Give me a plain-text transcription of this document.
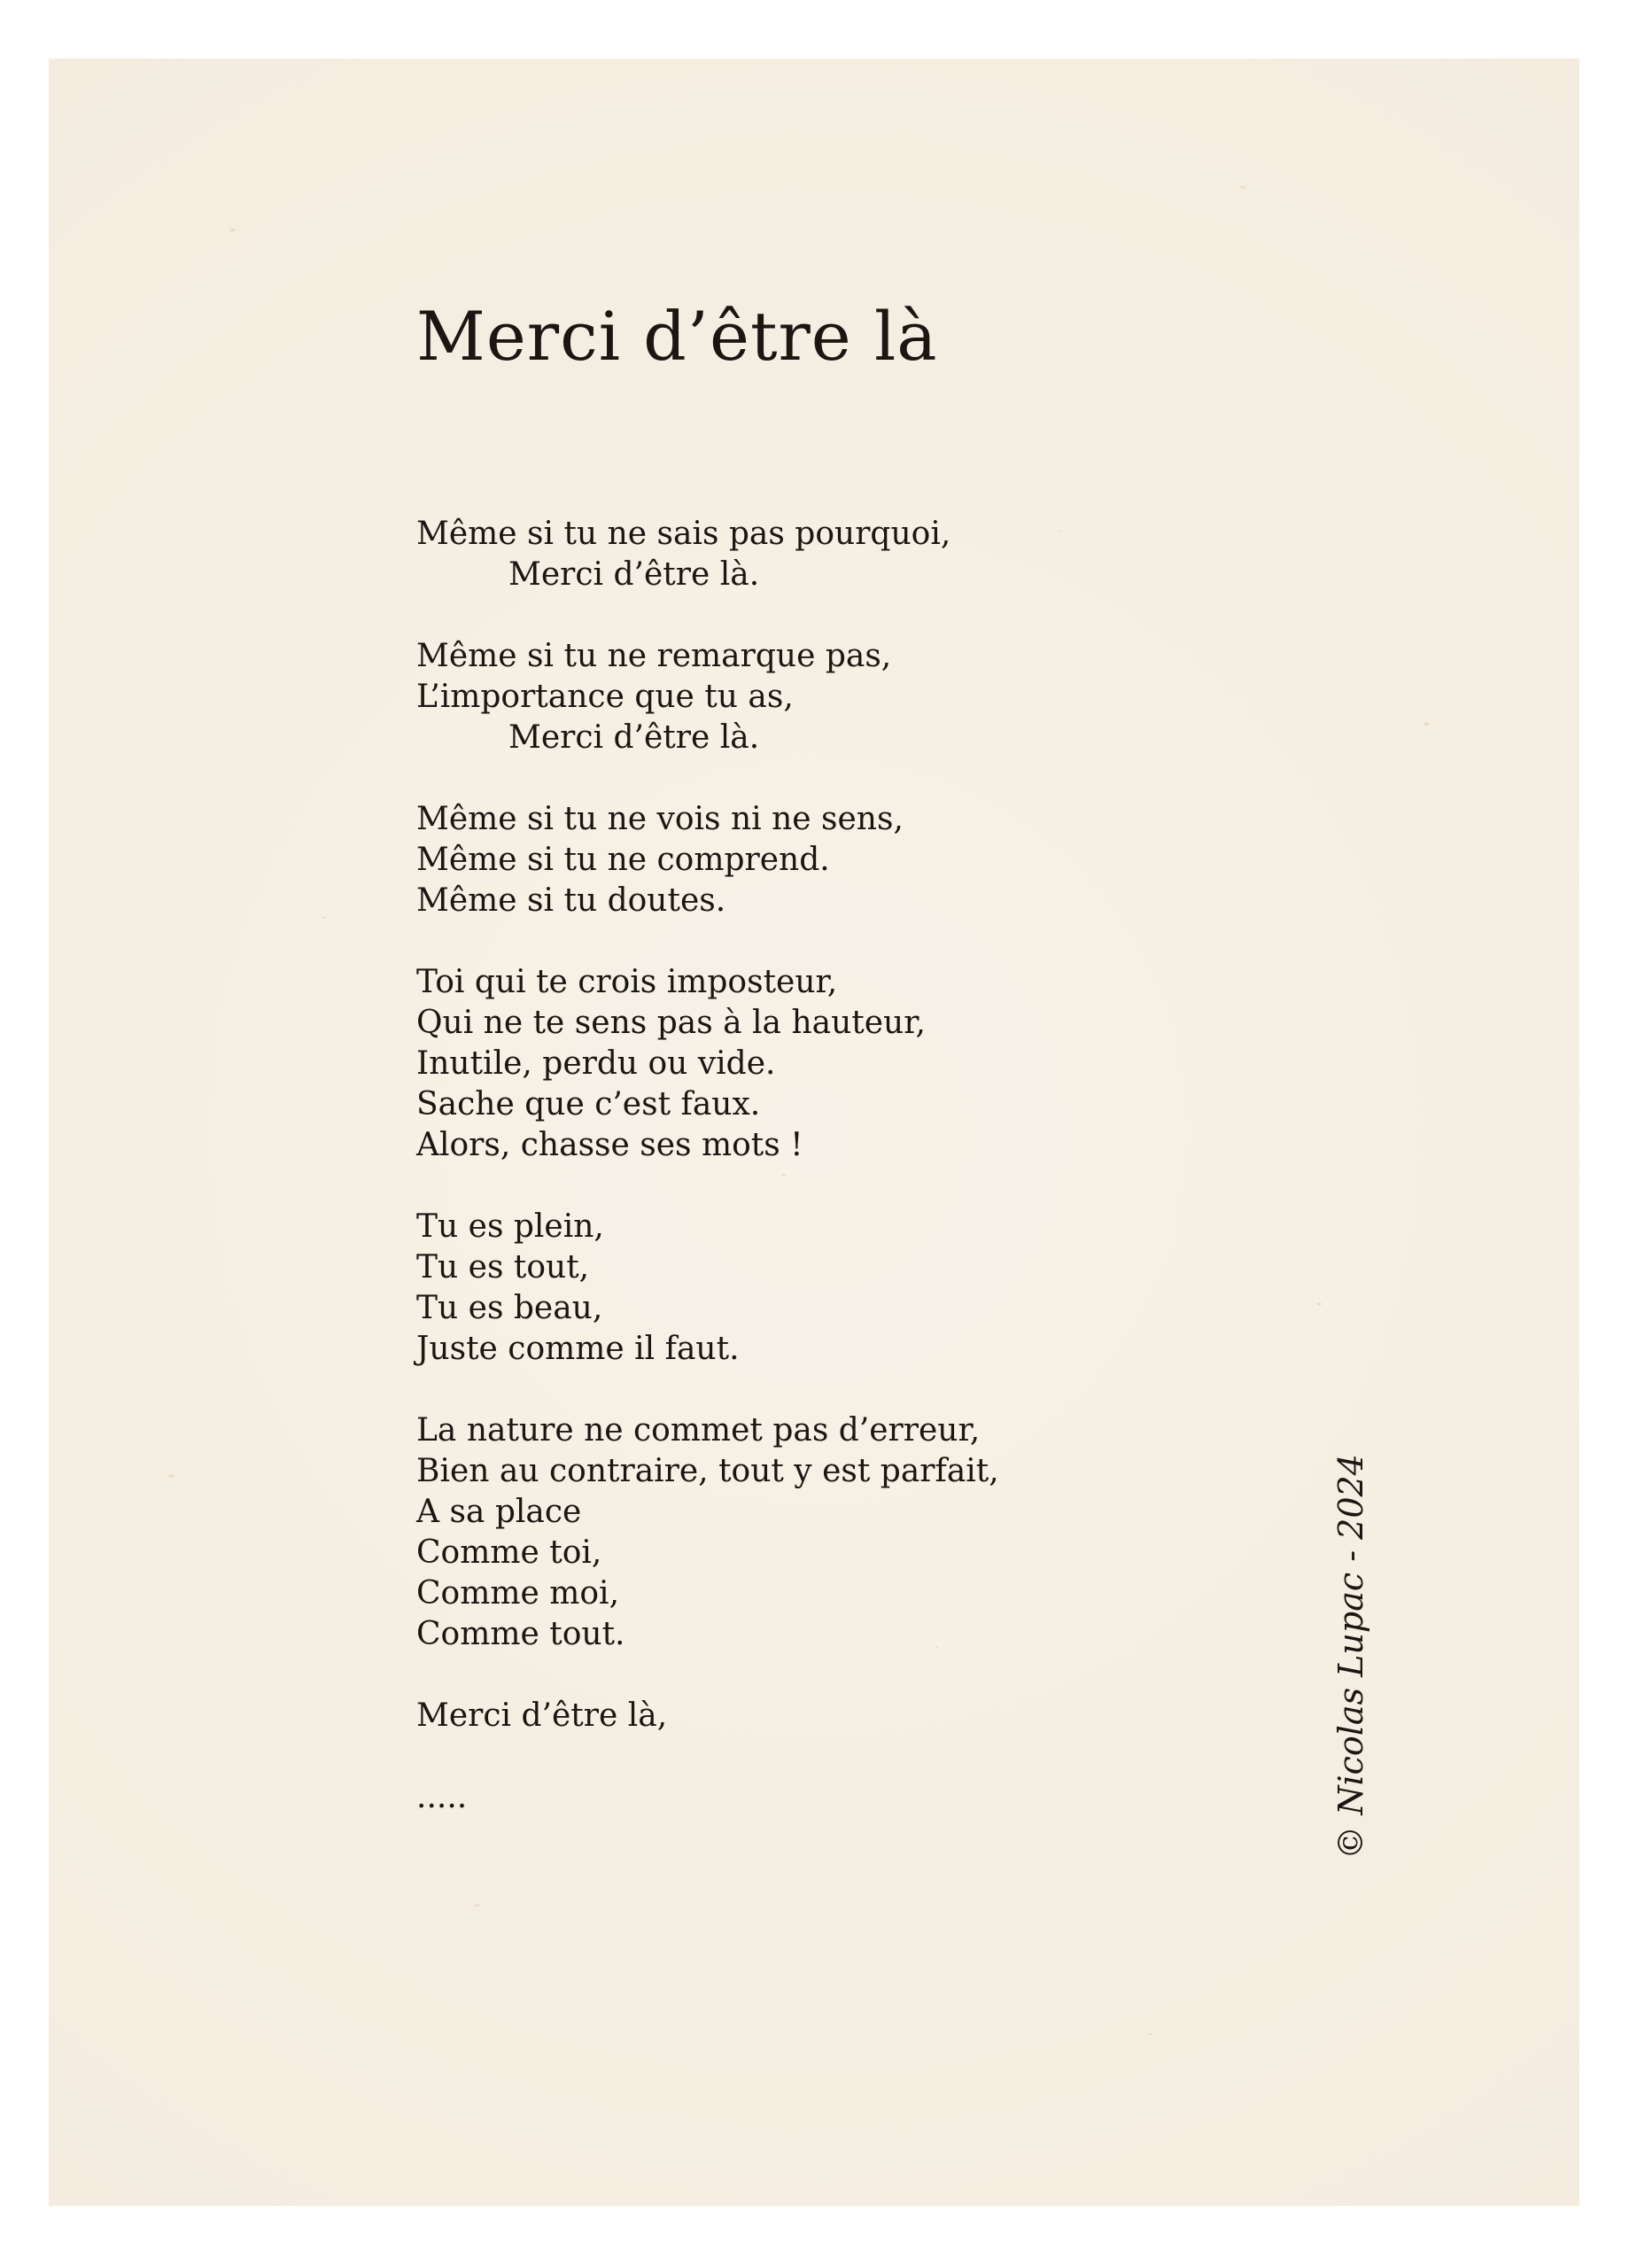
Merci d’être là
Même si tu ne sais pas pourquoi,
Merci d’être là.
Même si tu ne remarque pas,
L’importance que tu as,
Merci d’être là.
Même si tu ne vois ni ne sens,
Même si tu ne comprend.
Même si tu doutes.
Toi qui te crois imposteur,
Qui ne te sens pas à la hauteur,
Inutile, perdu ou vide.
Sache que c’est faux.
Alors, chasse ses mots !
Tu es plein,
Tu es tout,
Tu es beau,
Juste comme il faut.
La nature ne commet pas d’erreur,
Bien au contraire, tout y est parfait,
A sa place
Comme toi,
Comme moi,
Comme tout.
Merci d’être là,
.....	© Nicolas Lupac - 2024
